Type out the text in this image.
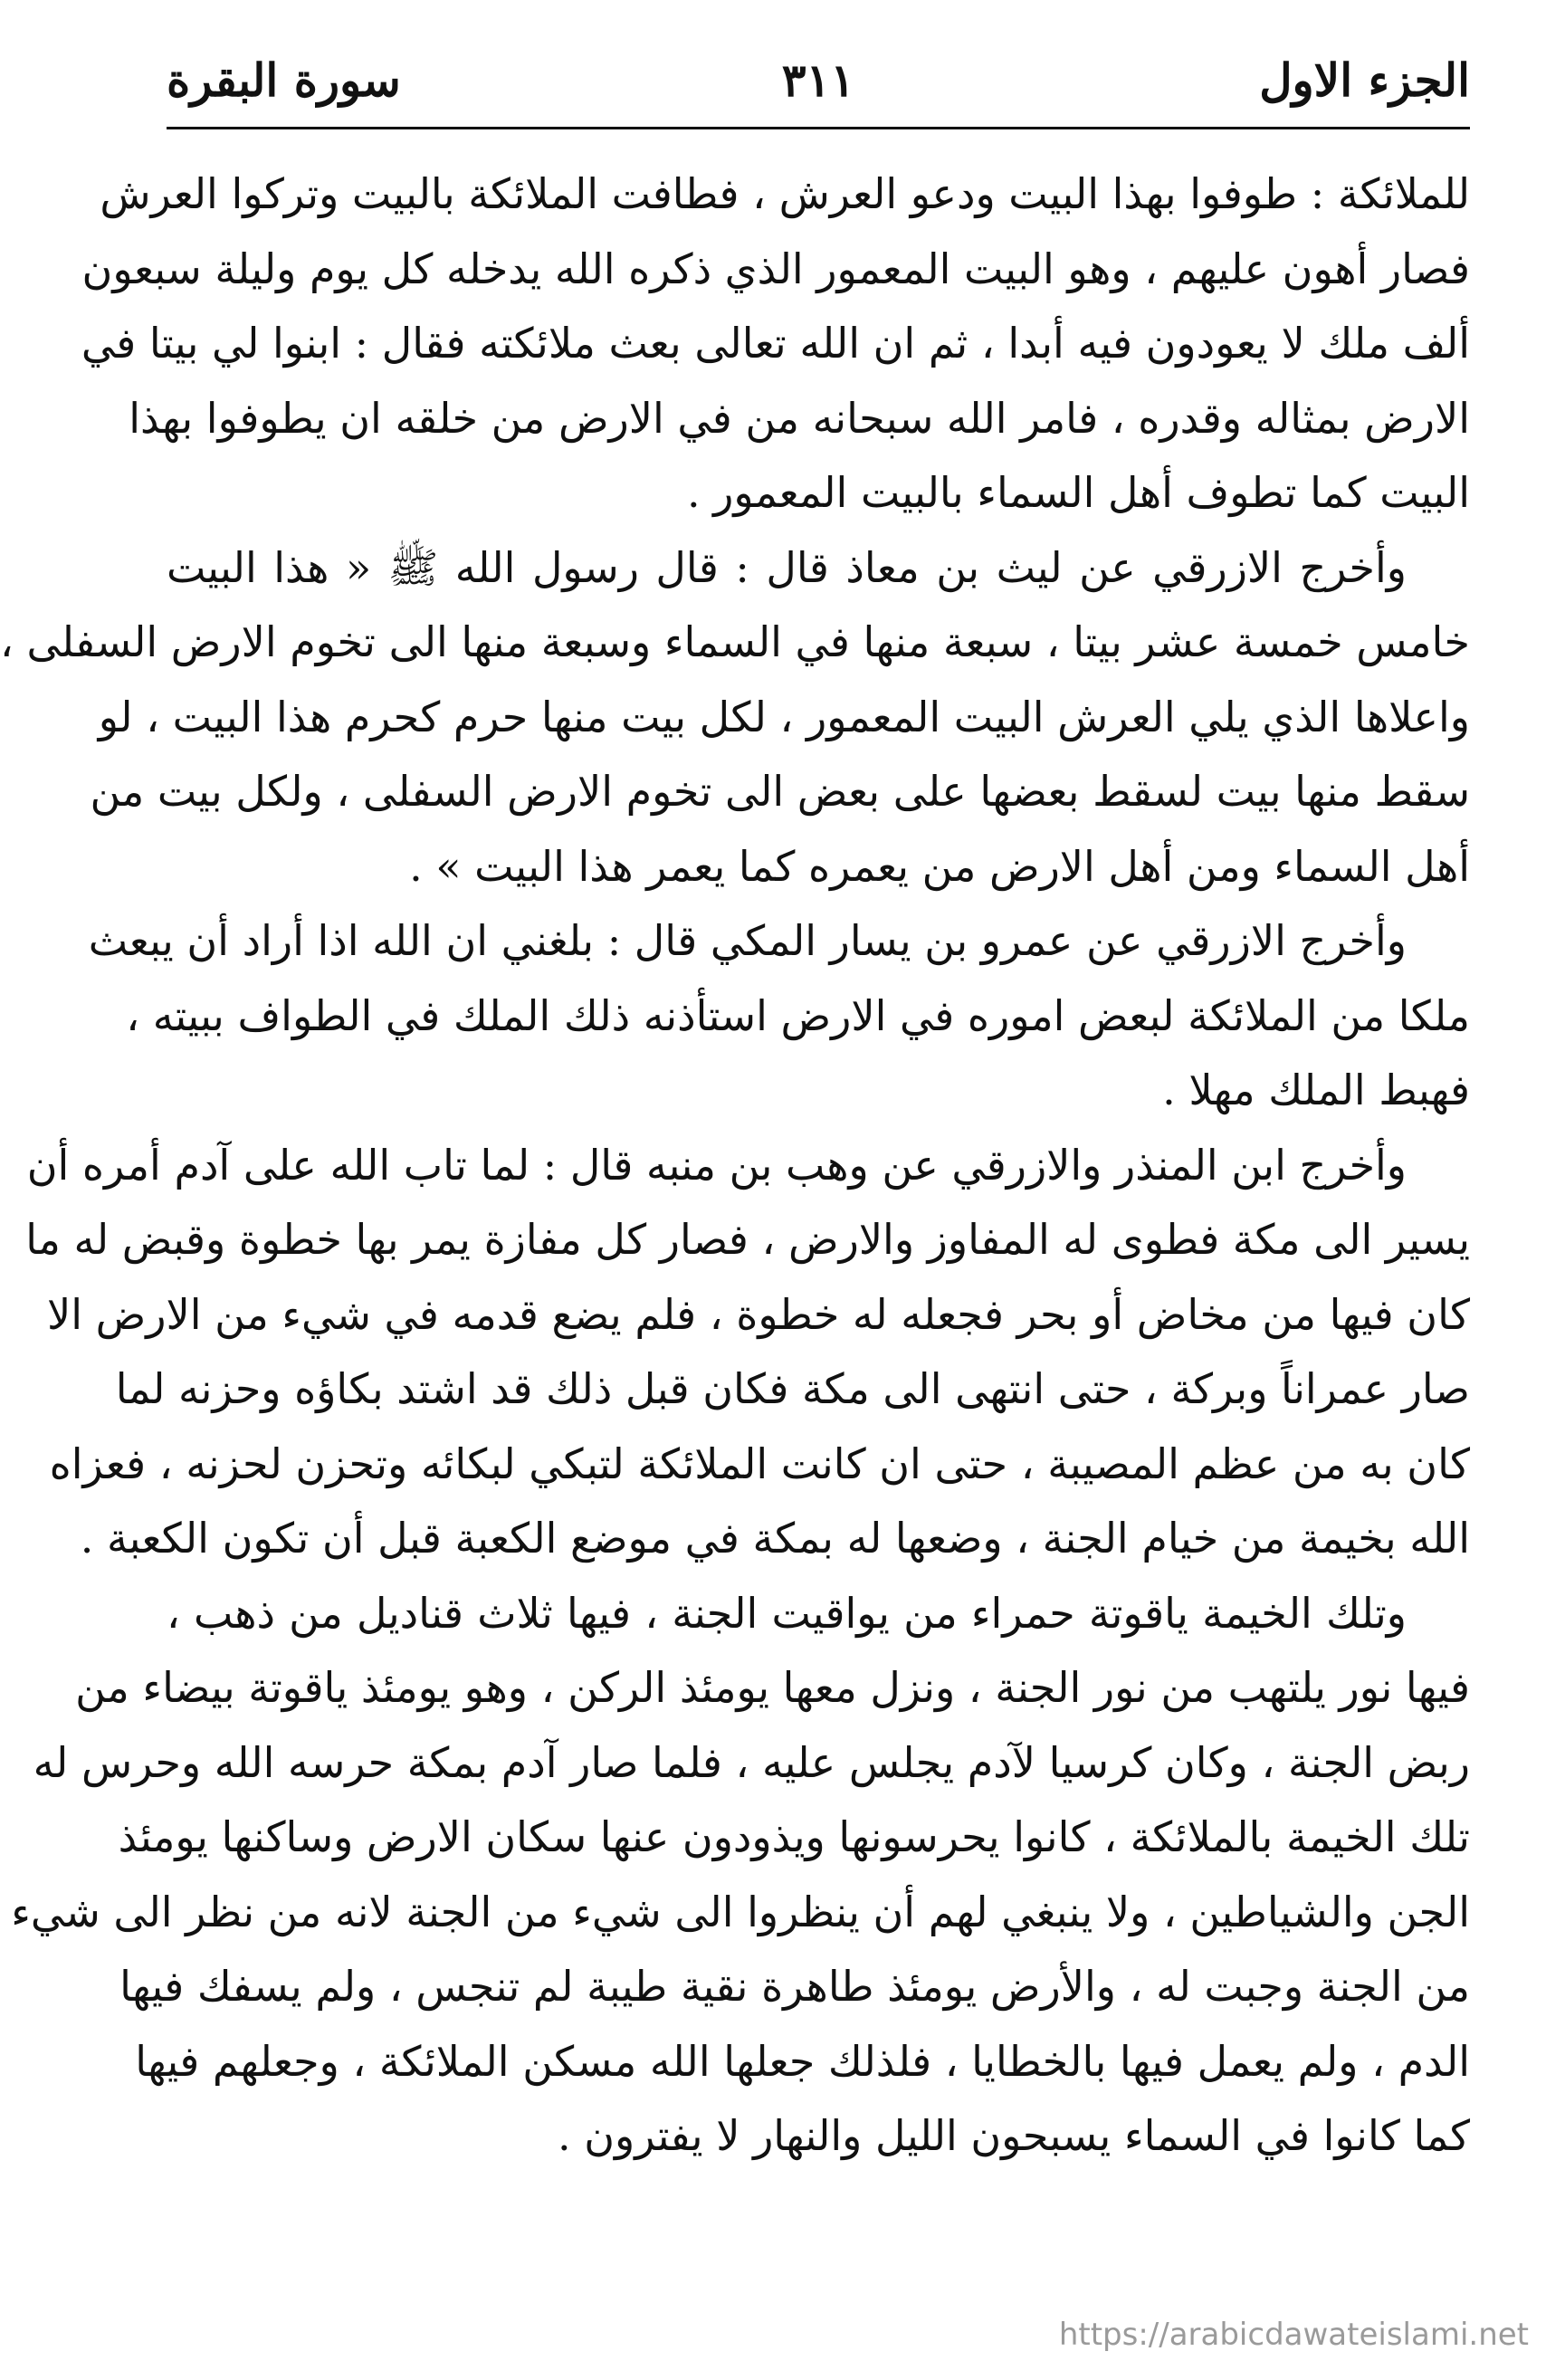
الجزء الاول
٣١١
سورة البقرة
للملائكة : طوفوا بهذا البيت ودعو العرش ، فطافت الملائكة بالبيت وتركوا العرش
فصار أهون عليهم ، وهو البيت المعمور الذي ذكره الله يدخله كل يوم وليلة سبعون
ألف ملك لا يعودون فيه أبدا ، ثم ان الله تعالى بعث ملائكته فقال : ابنوا لي بيتا في
الارض بمثاله وقدره ، فامر الله سبحانه من في الارض من خلقه ان يطوفوا بهذا
البيت كما تطوف أهل السماء بالبيت المعمور .
وأخرج الازرقي عن ليث بن معاذ قال : قال رسول الله ﷺ « هذا البيت
خامس خمسة عشر بيتا ، سبعة منها في السماء وسبعة منها الى تخوم الارض السفلى ،
واعلاها الذي يلي العرش البيت المعمور ، لكل بيت منها حرم كحرم هذا البيت ، لو
سقط منها بيت لسقط بعضها على بعض الى تخوم الارض السفلى ، ولكل بيت من
أهل السماء ومن أهل الارض من يعمره كما يعمر هذا البيت » .
وأخرج الازرقي عن عمرو بن يسار المكي قال : بلغني ان الله اذا أراد أن يبعث
ملكا من الملائكة لبعض اموره في الارض استأذنه ذلك الملك في الطواف ببيته ،
فهبط الملك مهلا .
وأخرج ابن المنذر والازرقي عن وهب بن منبه قال : لما تاب الله على آدم أمره أن
يسير الى مكة فطوى له المفاوز والارض ، فصار كل مفازة يمر بها خطوة وقبض له ما
كان فيها من مخاض أو بحر فجعله له خطوة ، فلم يضع قدمه في شيء من الارض الا
صار عمراناً وبركة ، حتى انتهى الى مكة فكان قبل ذلك قد اشتد بكاؤه وحزنه لما
كان به من عظم المصيبة ، حتى ان كانت الملائكة لتبكي لبكائه وتحزن لحزنه ، فعزاه
الله بخيمة من خيام الجنة ، وضعها له بمكة في موضع الكعبة قبل أن تكون الكعبة .
وتلك الخيمة ياقوتة حمراء من يواقيت الجنة ، فيها ثلاث قناديل من ذهب ،
فيها نور يلتهب من نور الجنة ، ونزل معها يومئذ الركن ، وهو يومئذ ياقوتة بيضاء من
ربض الجنة ، وكان كرسيا لآدم يجلس عليه ، فلما صار آدم بمكة حرسه الله وحرس له
تلك الخيمة بالملائكة ، كانوا يحرسونها ويذودون عنها سكان الارض وساكنها يومئذ
الجن والشياطين ، ولا ينبغي لهم أن ينظروا الى شيء من الجنة لانه من نظر الى شيء
من الجنة وجبت له ، والأرض يومئذ طاهرة نقية طيبة لم تنجس ، ولم يسفك فيها
الدم ، ولم يعمل فيها بالخطايا ، فلذلك جعلها الله مسكن الملائكة ، وجعلهم فيها
كما كانوا في السماء يسبحون الليل والنهار لا يفترون .
https://arabicdawateislami.net
